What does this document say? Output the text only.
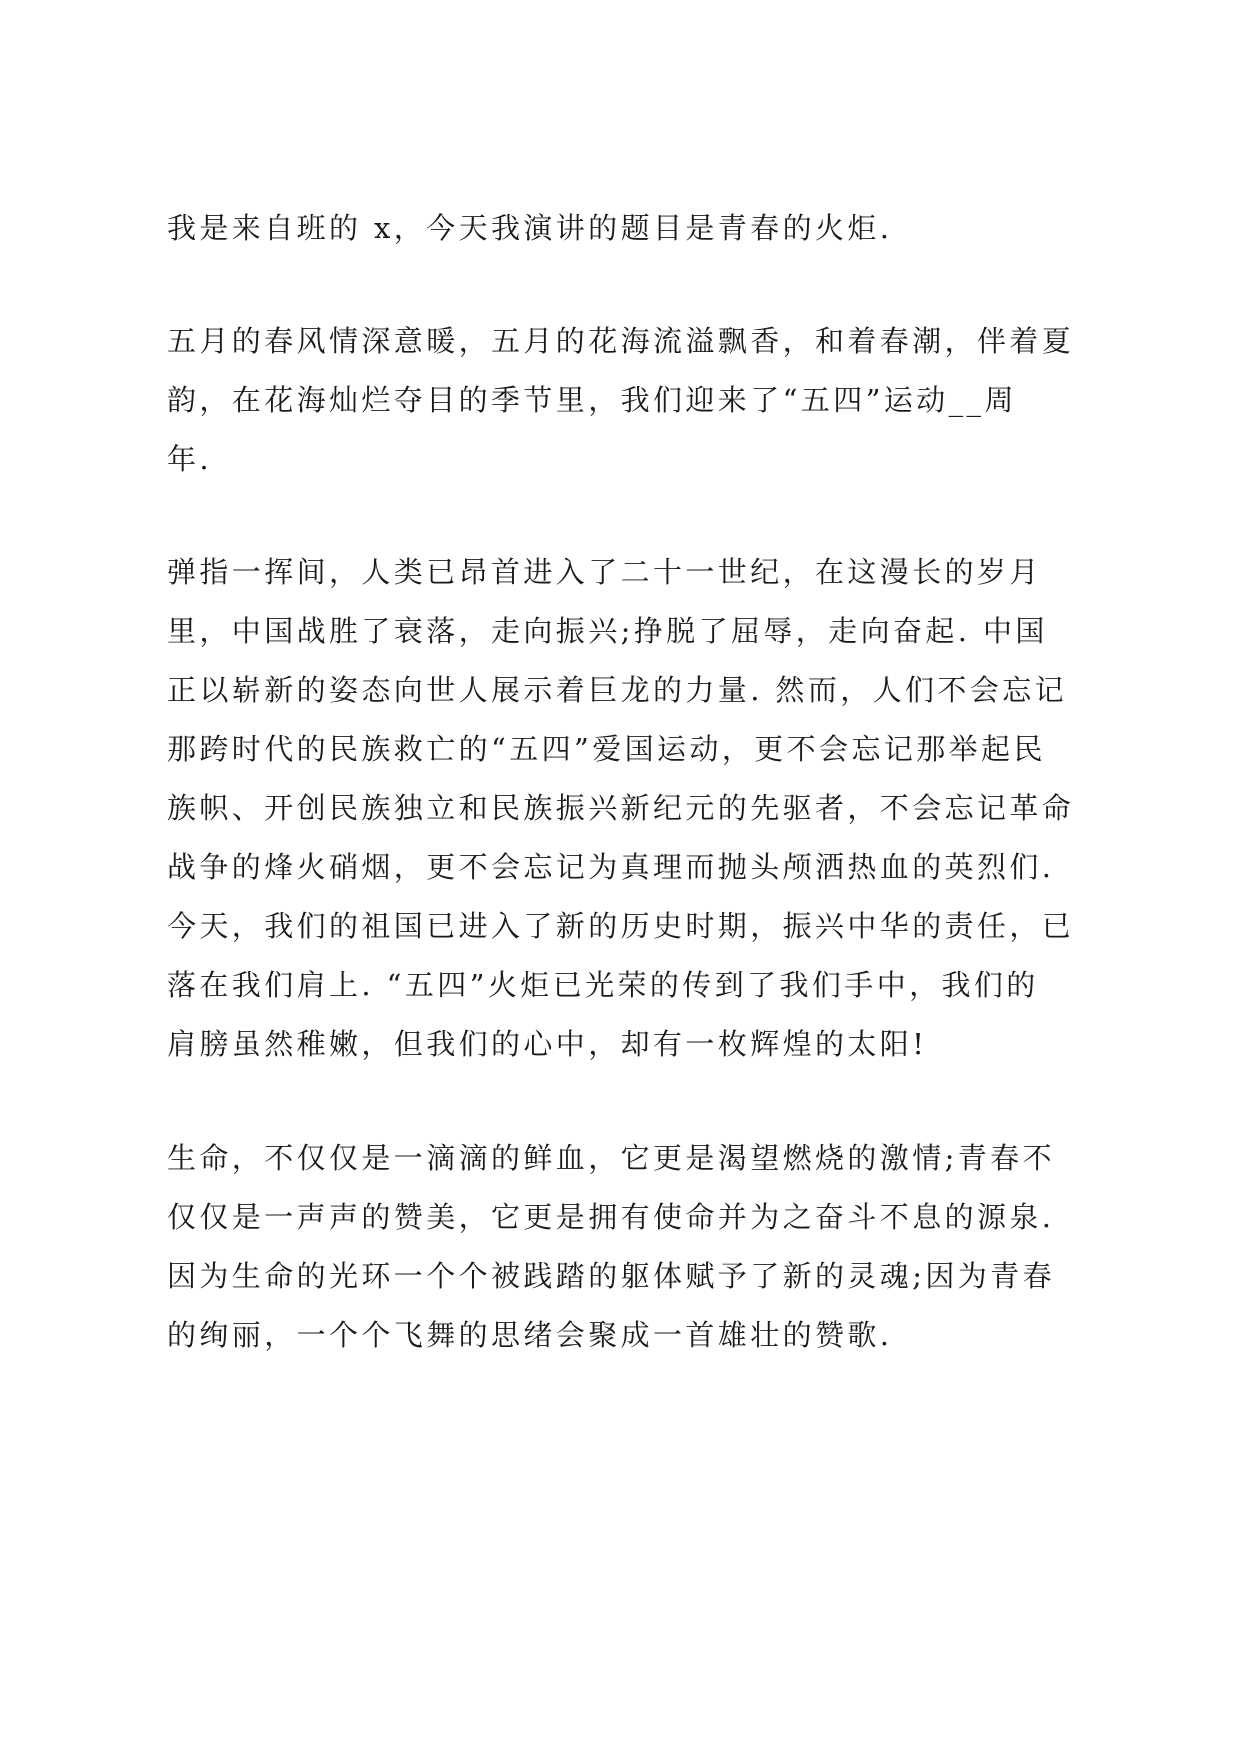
我是来自班的 x，今天我演讲的题目是青春的火炬.
五月的春风情深意暖，五月的花海流溢飘香，和着春潮，伴着夏
韵，在花海灿烂夺目的季节里，我们迎来了“五四”运动__周
年.
弹指一挥间，人类已昂首进入了二十一世纪，在这漫长的岁月
里，中国战胜了衰落，走向振兴;挣脱了屈辱，走向奋起. 中国
正以崭新的姿态向世人展示着巨龙的力量. 然而，人们不会忘记
那跨时代的民族救亡的“五四”爱国运动，更不会忘记那举起民
族帜、开创民族独立和民族振兴新纪元的先驱者，不会忘记革命
战争的烽火硝烟，更不会忘记为真理而抛头颅洒热血的英烈们.
今天，我们的祖国已进入了新的历史时期，振兴中华的责任，已
落在我们肩上. “五四”火炬已光荣的传到了我们手中，我们的
肩膀虽然稚嫩，但我们的心中，却有一枚辉煌的太阳!
生命，不仅仅是一滴滴的鲜血，它更是渴望燃烧的激情;青春不
仅仅是一声声的赞美，它更是拥有使命并为之奋斗不息的源泉.
因为生命的光环一个个被践踏的躯体赋予了新的灵魂;因为青春
的绚丽，一个个飞舞的思绪会聚成一首雄壮的赞歌.
